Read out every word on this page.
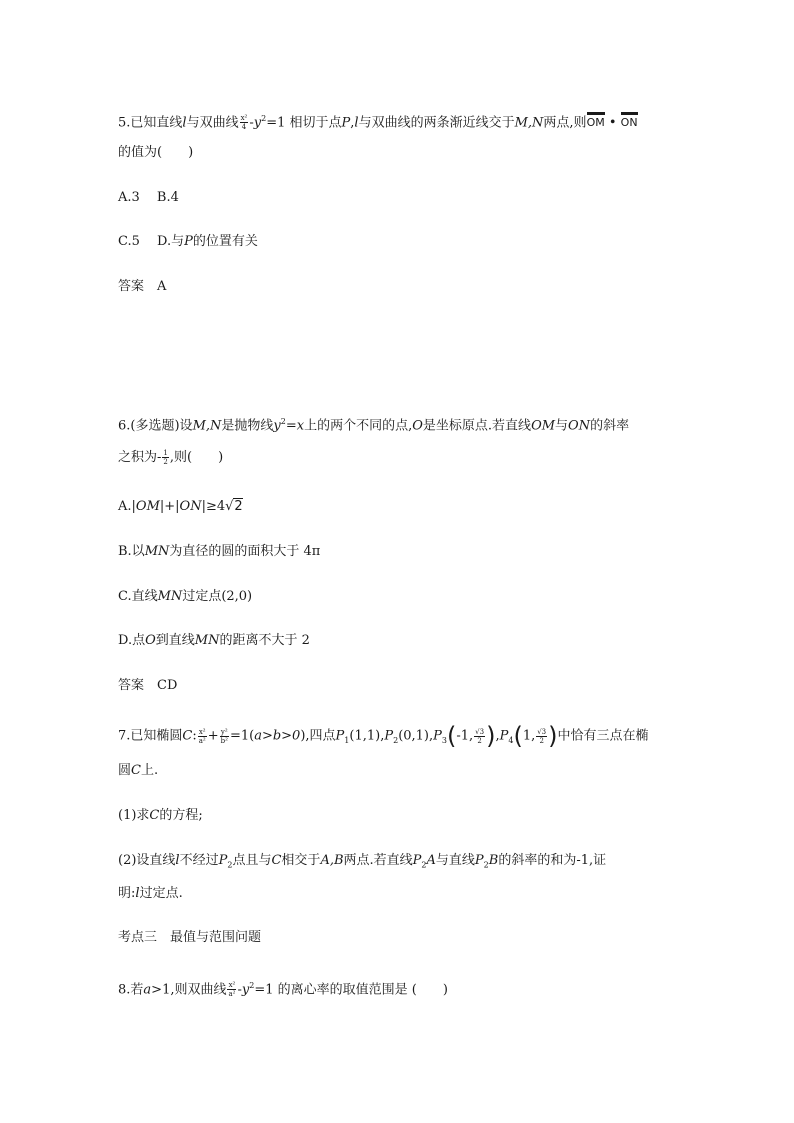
5.已知直线l与双曲线 $\frac{\text{x²}}{4} -y^2=1$ 相切于点P,l与双曲线的两条渐近线交于M,N两点,则OM • ON
的值为(　　)
A.3　 B.4
C.5　 D.与P的位置有关
答案　A
6.(多选题)设M,N是抛物线$y^2=x$上的两个不同的点,O是坐标原点.若直线OM与ON的斜率
之积为- $\frac{1}{2}$ ,则(　　)
A.|OM|+|ON|≥4√2
B.以MN为直径的圆的面积大于 4π
C.直线MN过定点(2,0)
D.点O到直线MN的距离不大于 2
答案　CD
7.已知椭圆C: $\frac{\text{x²}}{\text{a²}} + \frac{\text{y²}}{\text{b²}} =1(a>b>0)$,四点$P_1(1,1),P_2(0,1),P_3(-1$, $\frac{√3}{2} ),P_4(1$, $\frac{√3}{2}$ )中恰有三点在椭
圆C上.
(1)求C的方程;
(2)设直线l不经过$P_2$点且与C相交于A,B两点.若直线$P_2A$与直线$P_2B$的斜率的和为-1,证
明:l过定点.
考点三　最值与范围问题
8.若a>1,则双曲线 $\frac{\text{x²}}{\text{a²}} -y^2=1$ 的离心率的取值范围是 (　　)
